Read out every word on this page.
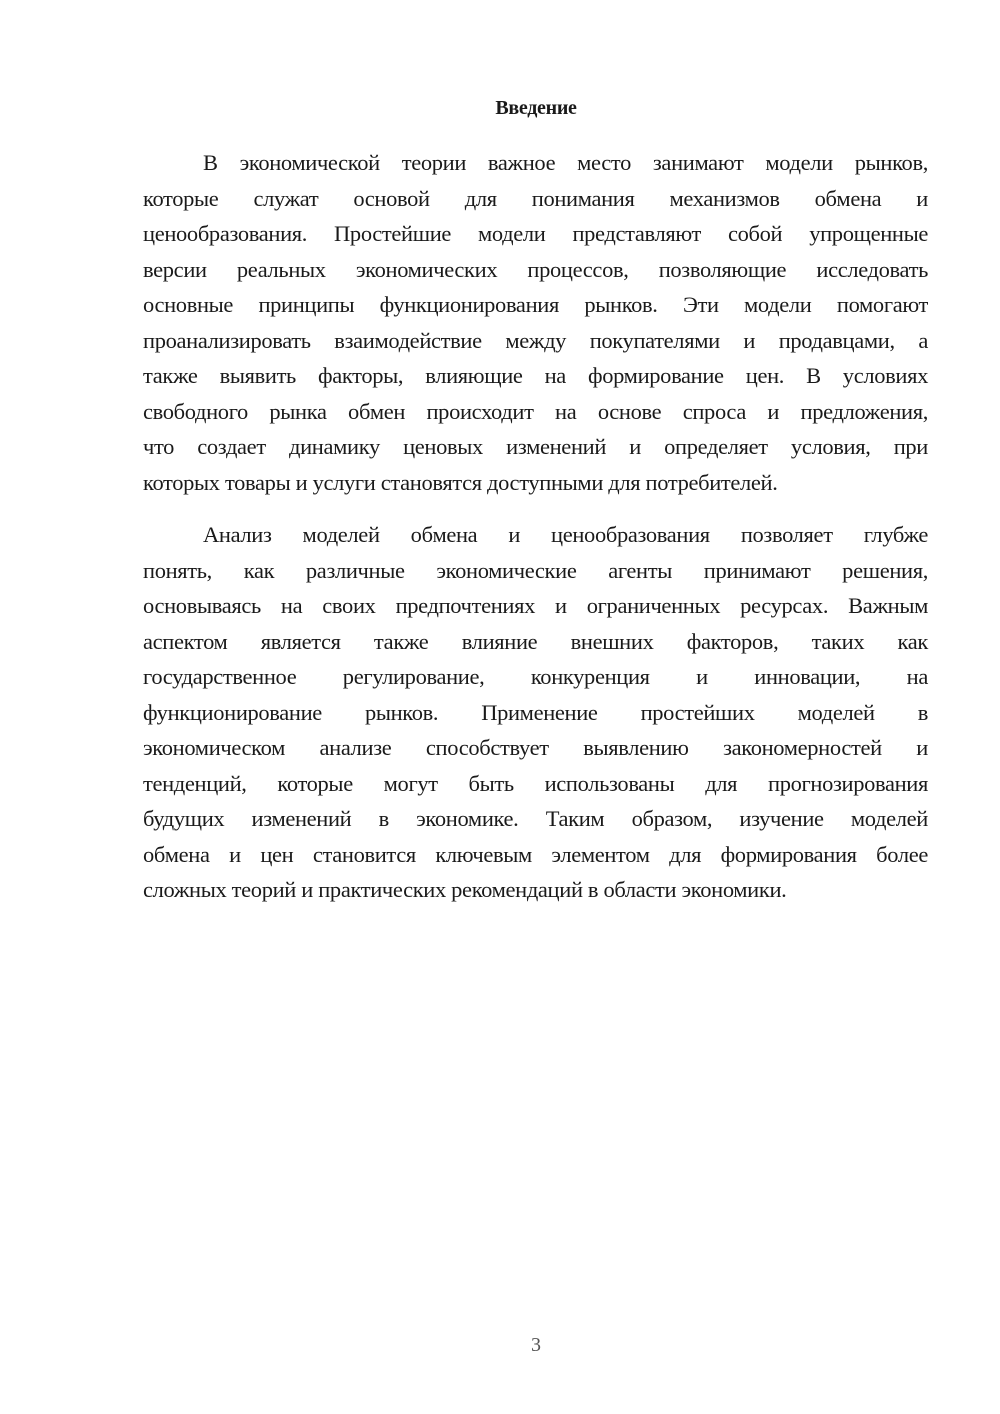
Введение
В экономической теории важное место занимают модели рынков,
которые служат основой для понимания механизмов обмена и
ценообразования. Простейшие модели представляют собой упрощенные
версии реальных экономических процессов, позволяющие исследовать
основные принципы функционирования рынков. Эти модели помогают
проанализировать взаимодействие между покупателями и продавцами, а
также выявить факторы, влияющие на формирование цен. В условиях
свободного рынка обмен происходит на основе спроса и предложения,
что создает динамику ценовых изменений и определяет условия, при
которых товары и услуги становятся доступными для потребителей.
Анализ моделей обмена и ценообразования позволяет глубже
понять, как различные экономические агенты принимают решения,
основываясь на своих предпочтениях и ограниченных ресурсах. Важным
аспектом является также влияние внешних факторов, таких как
государственное регулирование, конкуренция и инновации, на
функционирование рынков. Применение простейших моделей в
экономическом анализе способствует выявлению закономерностей и
тенденций, которые могут быть использованы для прогнозирования
будущих изменений в экономике. Таким образом, изучение моделей
обмена и цен становится ключевым элементом для формирования более
сложных теорий и практических рекомендаций в области экономики.
3
